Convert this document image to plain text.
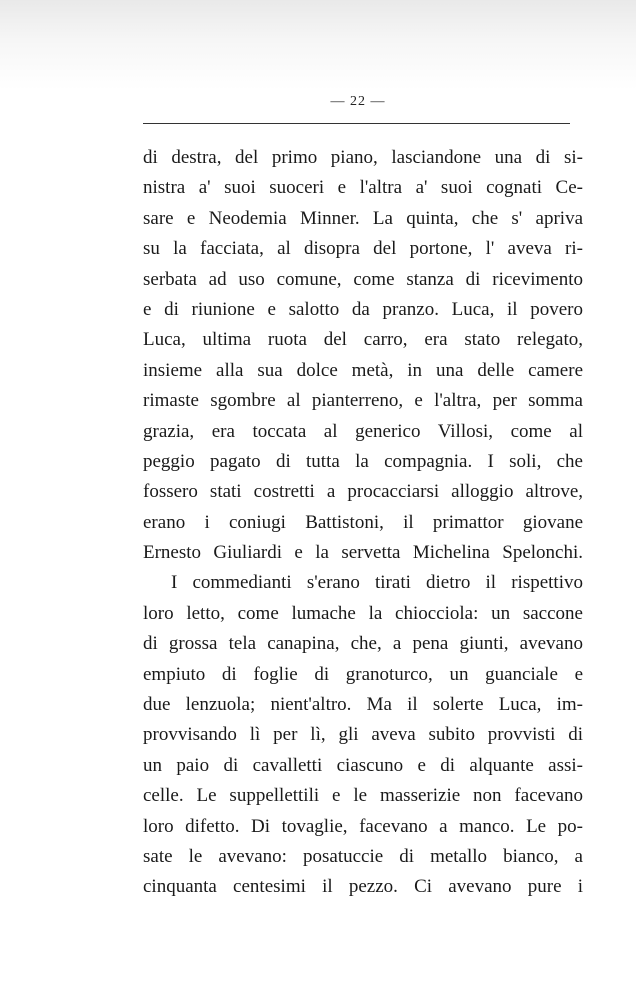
— 22 —
di destra, del primo piano, lasciandone una di si-
nistra a' suoi suoceri e l'altra a' suoi cognati Ce-
sare e Neodemia Minner. La quinta, che s' apriva
su la facciata, al disopra del portone, l' aveva ri-
serbata ad uso comune, come stanza di ricevimento
e di riunione e salotto da pranzo. Luca, il povero
Luca, ultima ruota del carro, era stato relegato,
insieme alla sua dolce metà, in una delle camere
rimaste sgombre al pianterreno, e l'altra, per somma
grazia, era toccata al generico Villosi, come al
peggio pagato di tutta la compagnia. I soli, che
fossero stati costretti a procacciarsi alloggio altrove,
erano i coniugi Battistoni, il primattor giovane
Ernesto Giuliardi e la servetta Michelina Spelonchi.
I commedianti s'erano tirati dietro il rispettivo
loro letto, come lumache la chiocciola: un saccone
di grossa tela canapina, che, a pena giunti, avevano
empiuto di foglie di granoturco, un guanciale e
due lenzuola; nient'altro. Ma il solerte Luca, im-
provvisando lì per lì, gli aveva subito provvisti di
un paio di cavalletti ciascuno e di alquante assi-
celle. Le suppellettili e le masserizie non facevano
loro difetto. Di tovaglie, facevano a manco. Le po-
sate le avevano: posatuccie di metallo bianco, a
cinquanta centesimi il pezzo. Ci avevano pure i
